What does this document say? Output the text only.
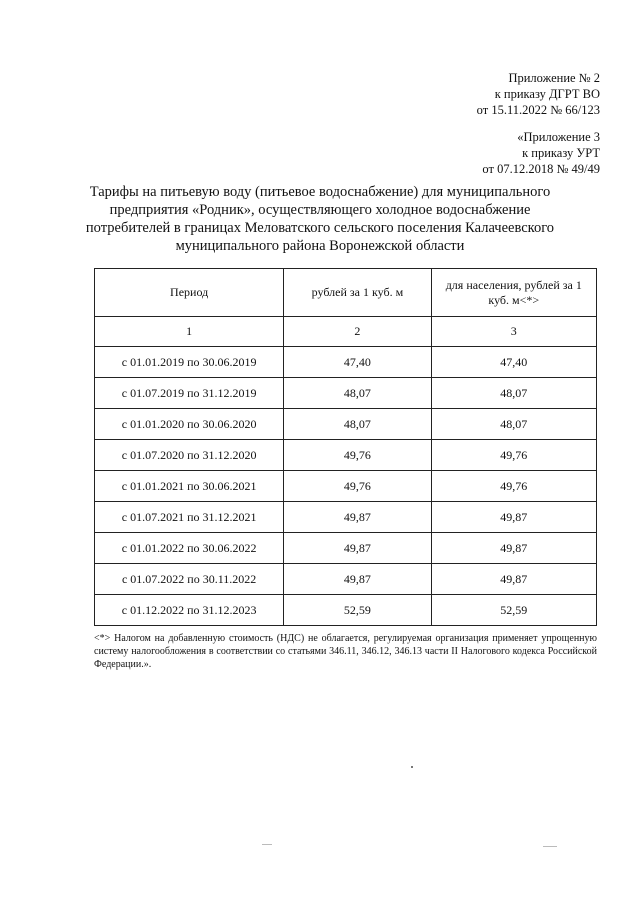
Приложение № 2
к приказу ДГРТ ВО
от 15.11.2022 № 66/123
«Приложение 3
к приказу УРТ
от 07.12.2018 № 49/49
Тарифы на питьевую воду (питьевое водоснабжение) для муниципального
предприятия «Родник», осуществляющего холодное водоснабжение
потребителей в границах Меловатского сельского поселения Калачеевского
муниципального района Воронежской области
Период	рублей за 1 куб. м	для населения, рублей за 1 куб. м<*>
1	2	3
с 01.01.2019 по 30.06.2019	47,40	47,40
с 01.07.2019 по 31.12.2019	48,07	48,07
с 01.01.2020 по 30.06.2020	48,07	48,07
с 01.07.2020 по 31.12.2020	49,76	49,76
с 01.01.2021 по 30.06.2021	49,76	49,76
с 01.07.2021 по 31.12.2021	49,87	49,87
с 01.01.2022 по 30.06.2022	49,87	49,87
с 01.07.2022 по 30.11.2022	49,87	49,87
с 01.12.2022 по 31.12.2023	52,59	52,59
<*> Налогом на добавленную стоимость (НДС) не облагается, регулируемая организация применяет упрощенную систему налогообложения в соответствии со статьями 346.11, 346.12, 346.13 части II Налогового кодекса Российской Федерации.».
